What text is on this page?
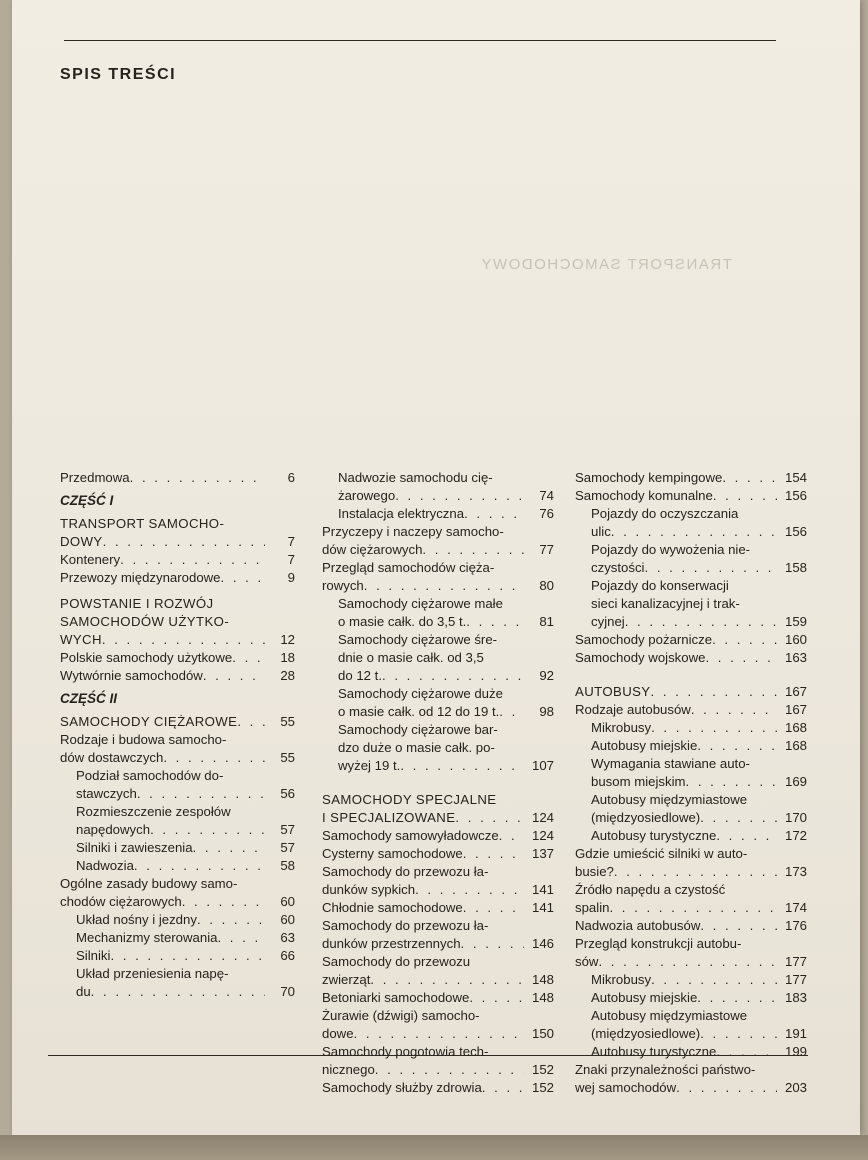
TRANSPORT SAMOCHODOWY
SPIS TREŚCI
Przedmowa . . .	6
CZĘŚĆ I
TRANSPORT SAMOCHO-
DOWY . . .	7
Kontenery . . .	7
Przewozy międzynarodowe . . .	9
POWSTANIE I ROZWÓJ
SAMOCHODÓW UŻYTKO-
WYCH . . .	12
Polskie samochody użytkowe . . .	18
Wytwórnie samochodów . . .	28
CZĘŚĆ II
SAMOCHODY CIĘŻAROWE . . .	55
Rodzaje i budowa samocho-
dów dostawczych . . .	55
Podział samochodów do-
stawczych . . .	56
Rozmieszczenie zespołów
napędowych . . .	57
Silniki i zawieszenia . . .	57
Nadwozia . . .	58
Ogólne zasady budowy samo-
chodów ciężarowych . . .	60
Układ nośny i jezdny . . .	60
Mechanizmy sterowania . . .	63
Silniki . . .	66
Układ przeniesienia napę-
du . . .	70
Nadwozie samochodu cię-
żarowego . . .	74
Instalacja elektryczna . . .	76
Przyczepy i naczepy samocho-
dów ciężarowych . . .	77
Przegląd samochodów cięża-
rowych . . .	80
Samochody ciężarowe małe
o masie całk. do 3,5 t. . . .	81
Samochody ciężarowe śre-
dnie o masie całk. od 3,5
do 12 t. . . .	92
Samochody ciężarowe duże
o masie całk. od 12 do 19 t. . . .	98
Samochody ciężarowe bar-
dzo duże o masie całk. po-
wyżej 19 t. . . .	107
SAMOCHODY SPECJALNE
I SPECJALIZOWANE . . .	124
Samochody samowyładowcze . . .	124
Cysterny samochodowe . . .	137
Samochody do przewozu ła-
dunków sypkich . . .	141
Chłodnie samochodowe . . .	141
Samochody do przewozu ła-
dunków przestrzennych . . .	146
Samochody do przewozu
zwierząt . . .	148
Betoniarki samochodowe . . .	148
Żurawie (dźwigi) samocho-
dowe . . .	150
Samochody pogotowia tech-
nicznego . . .	152
Samochody służby zdrowia . . .	152
Samochody kempingowe . . .	154
Samochody komunalne . . .	156
Pojazdy do oczyszczania
ulic . . .	156
Pojazdy do wywożenia nie-
czystości . . .	158
Pojazdy do konserwacji
sieci kanalizacyjnej i trak-
cyjnej . . .	159
Samochody pożarnicze . . .	160
Samochody wojskowe . . .	163
AUTOBUSY . . .	167
Rodzaje autobusów . . .	167
Mikrobusy . . .	168
Autobusy miejskie . . .	168
Wymagania stawiane auto-
busom miejskim . . .	169
Autobusy międzymiastowe
(międzyosiedlowe) . . .	170
Autobusy turystyczne . . .	172
Gdzie umieścić silniki w auto-
busie? . . .	173
Źródło napędu a czystość
spalin . . .	174
Nadwozia autobusów . . .	176
Przegląd konstrukcji autobu-
sów . . .	177
Mikrobusy . . .	177
Autobusy miejskie . . .	183
Autobusy międzymiastowe
(międzyosiedlowe) . . .	191
Autobusy turystyczne . . .	199
Znaki przynależności państwo-
wej samochodów . . .	203
